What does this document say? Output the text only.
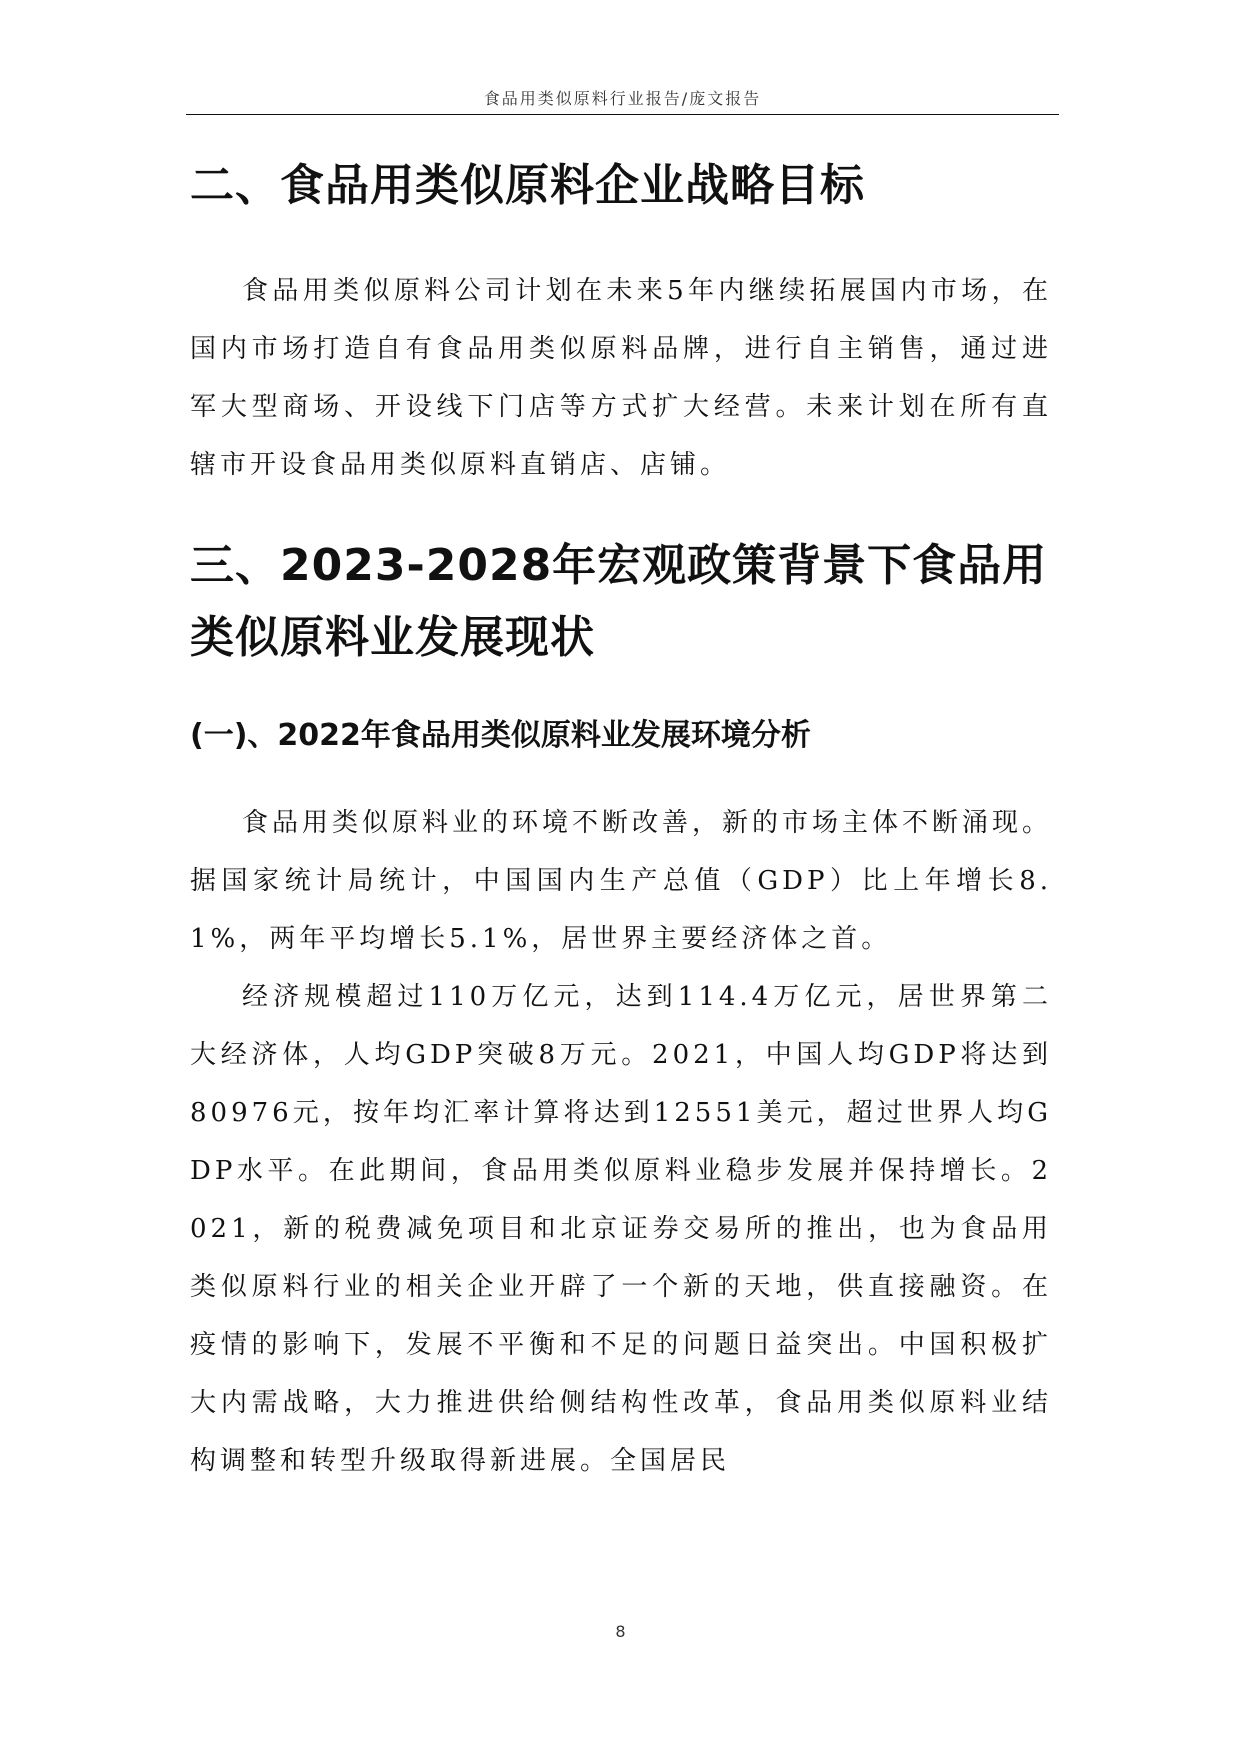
食品用类似原料行业报告/庞文报告
二、食品用类似原料企业战略目标

食品用类似原料公司计划在未来5年内继续拓展国内市场，在国内市场打造自有食品用类似原料品牌，进行自主销售，通过进军大型商场、开设线下门店等方式扩大经营。未来计划在所有直辖市开设食品用类似原料直销店、店铺。

三、2023-2028年宏观政策背景下食品用类似原料业发展现状
(一)、2022年食品用类似原料业发展环境分析

食品用类似原料业的环境不断改善，新的市场主体不断涌现。据国家统计局统计，中国国内生产总值（GDP）比上年增长8.1%，两年平均增长5.1%，居世界主要经济体之首。

经济规模超过110万亿元，达到114.4万亿元，居世界第二大经济体，人均GDP突破8万元。2021，中国人均GDP将达到80976元，按年均汇率计算将达到12551美元，超过世界人均GDP水平。在此期间，食品用类似原料业稳步发展并保持增长。2021，新的税费减免项目和北京证券交易所的推出，也为食品用类似原料行业的相关企业开辟了一个新的天地，供直接融资。在疫情的影响下，发展不平衡和不足的问题日益突出。中国积极扩大内需战略，大力推进供给侧结构性改革，食品用类似原料业结构调整和转型升级取得新进展。全国居民

8
